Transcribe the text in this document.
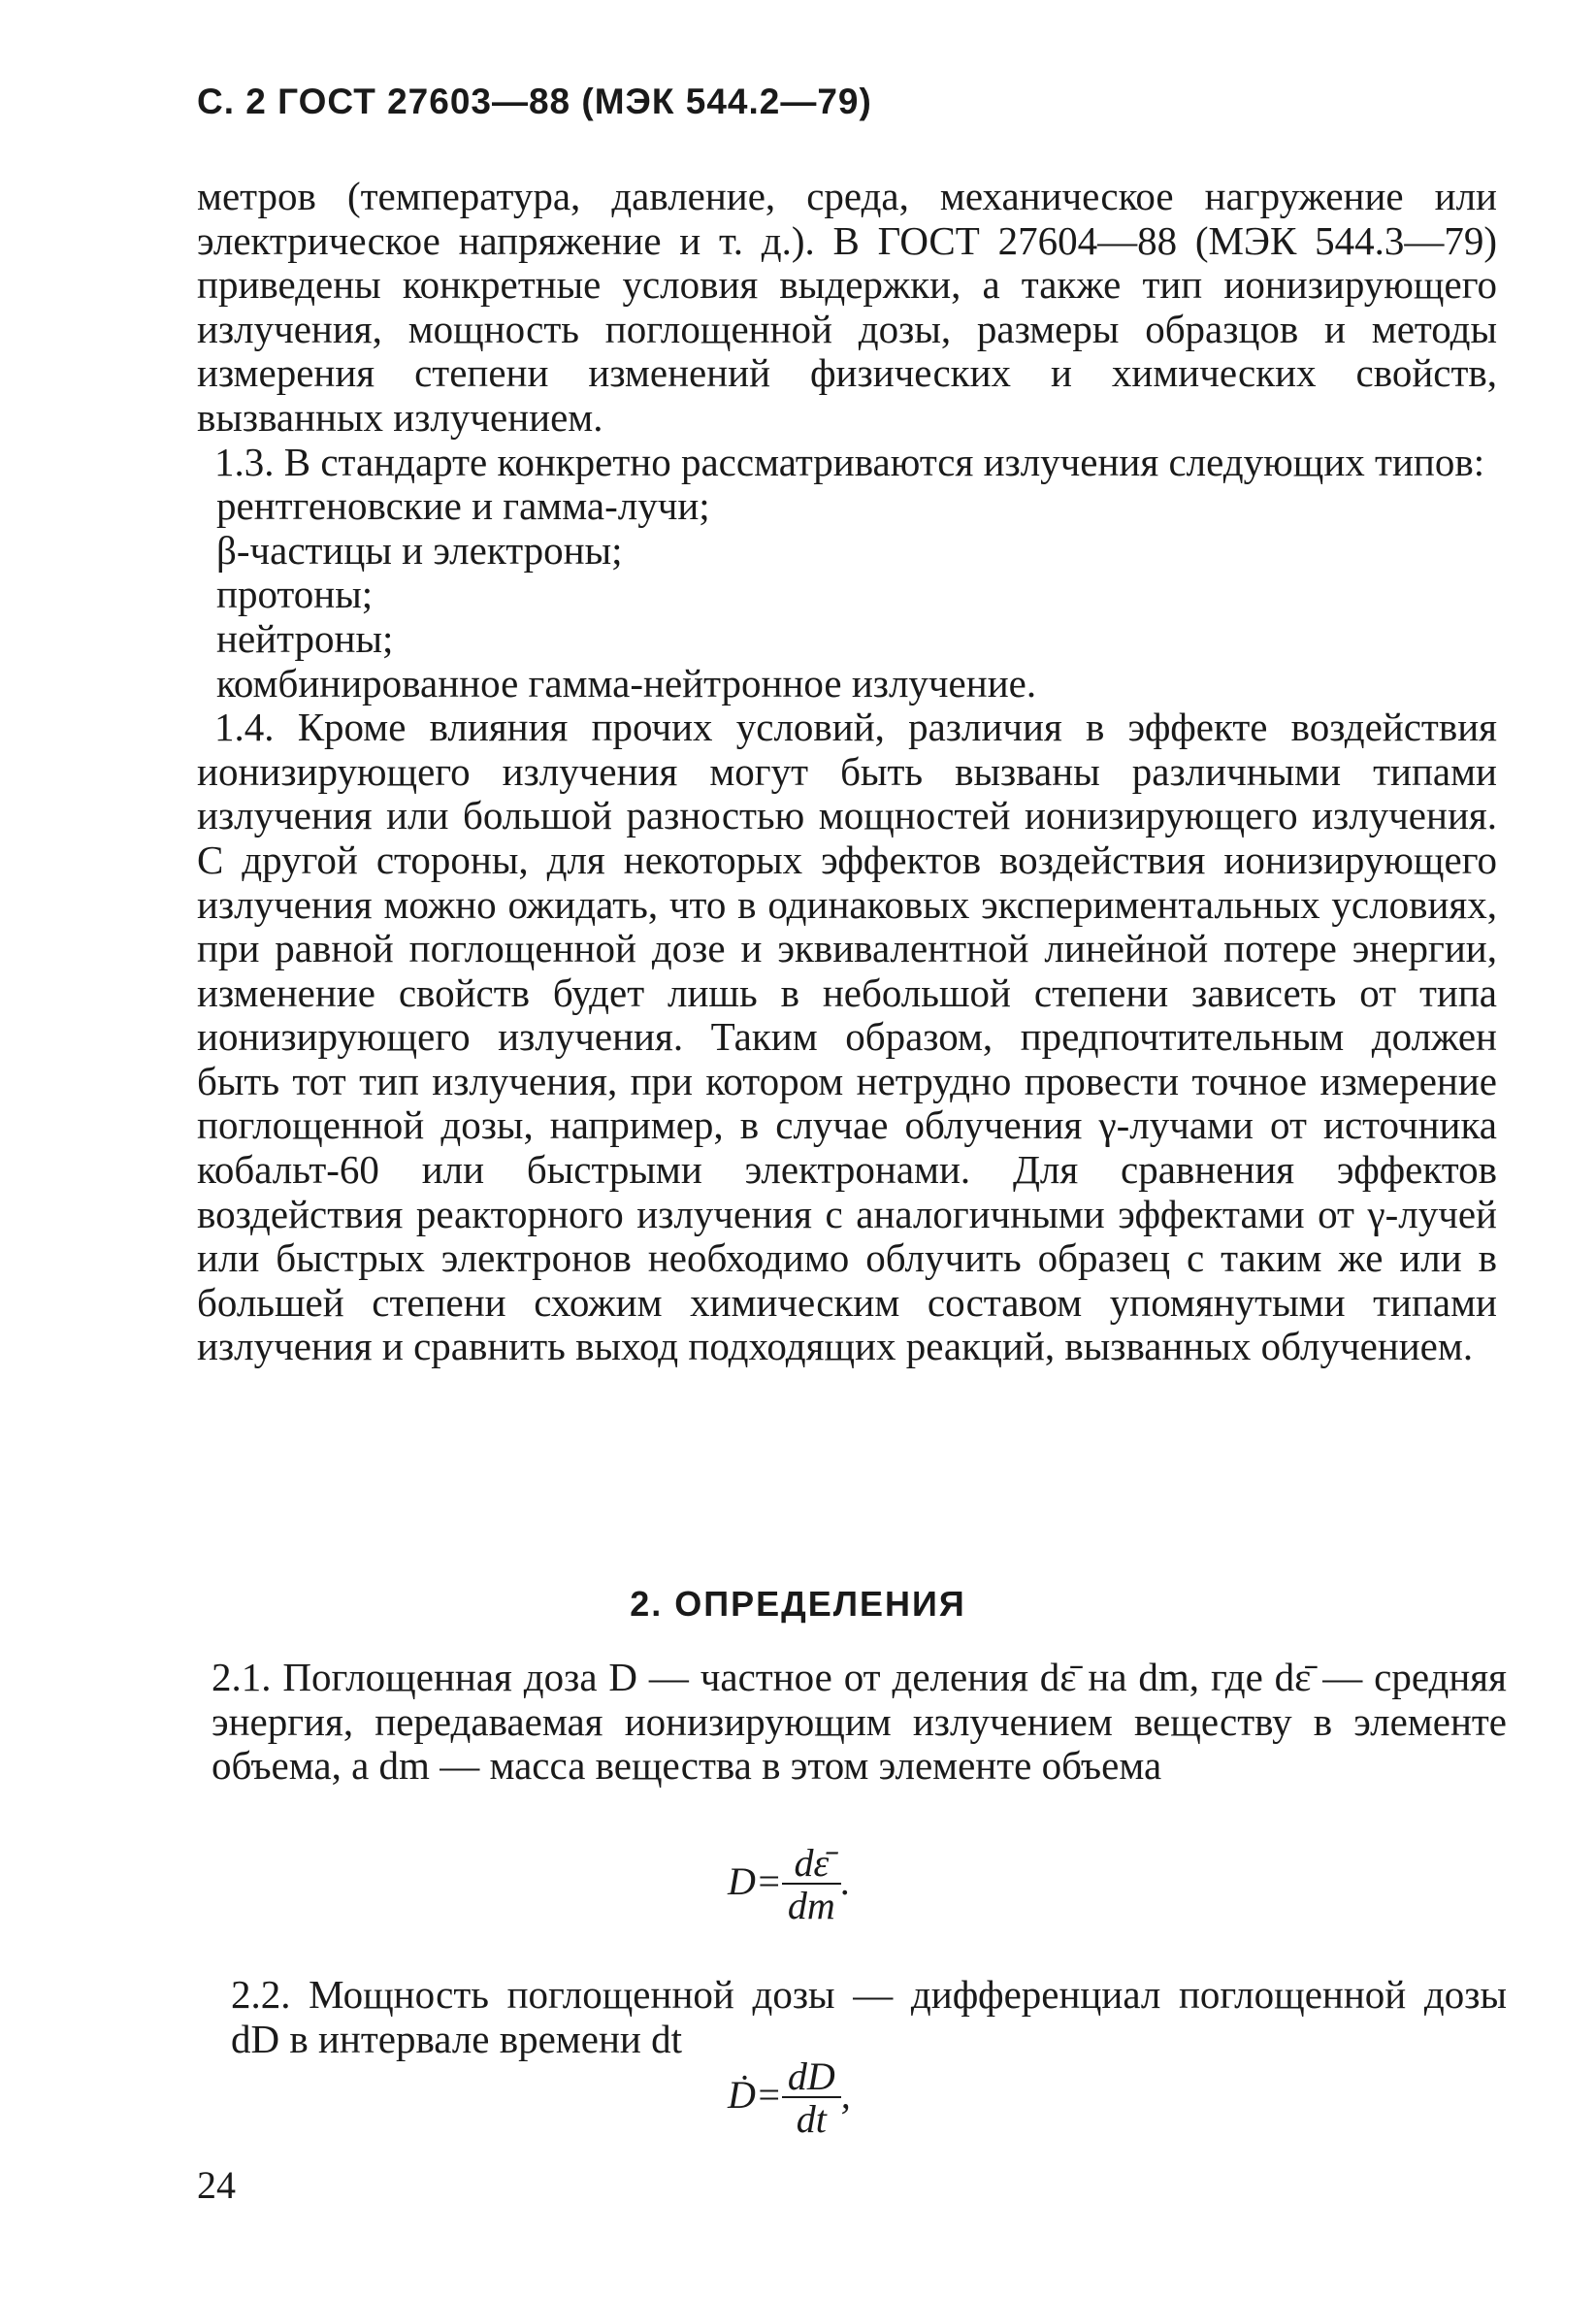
С. 2 ГОСТ 27603—88 (МЭК 544.2—79)

метров (температура, давление, среда, механическое нагружение или электрическое напряжение и т. д.). В ГОСТ 27604—88 (МЭК 544.3—79) приведены конкретные условия выдержки, а также тип ионизирующего излучения, мощность поглощенной дозы, размеры образцов и методы измерения степени изменений физических и химических свойств, вызванных излучением.

1.3. В стандарте конкретно рассматриваются излучения следующих типов:

рентгеновские и гамма-лучи;

β-частицы и электроны;

протоны;

нейтроны;

комбинированное гамма-нейтронное излучение.

1.4. Кроме влияния прочих условий, различия в эффекте воздействия ионизирующего излучения могут быть вызваны различными типами излучения или большой разностью мощностей ионизирующего излучения. С другой стороны, для некоторых эффектов воздействия ионизирующего излучения можно ожидать, что в одинаковых экспериментальных условиях, при равной поглощенной дозе и эквивалентной линейной потере энергии, изменение свойств будет лишь в небольшой степени зависеть от типа ионизирующего излучения. Таким образом, предпочтительным должен быть тот тип излучения, при котором нетрудно провести точное измерение поглощенной дозы, например, в случае облучения γ-лучами от источника кобальт-60 или быстрыми электронами. Для сравнения эффектов воздействия реакторного излучения с аналогичными эффектами от γ-лучей или быстрых электронов необходимо облучить образец с таким же или в большей степени схожим химическим составом упомянутыми типами излучения и сравнить выход подходящих реакций, вызванных облучением.

2. ОПРЕДЕЛЕНИЯ

2.1. Поглощенная доза D — частное от деления dε̄ на dm, где dε̄ — средняя энергия, передаваемая ионизирующим излучением веществу в элементе объема, а dm — масса вещества в этом элементе объема

$D= \frac{d\varepsilon̄}{dm}$ .

2.2. Мощность поглощенной дозы — дифференциал поглощенной дозы dD в интервале времени dt

Ḋ= $\frac{dD}{dt}$ ,
24
